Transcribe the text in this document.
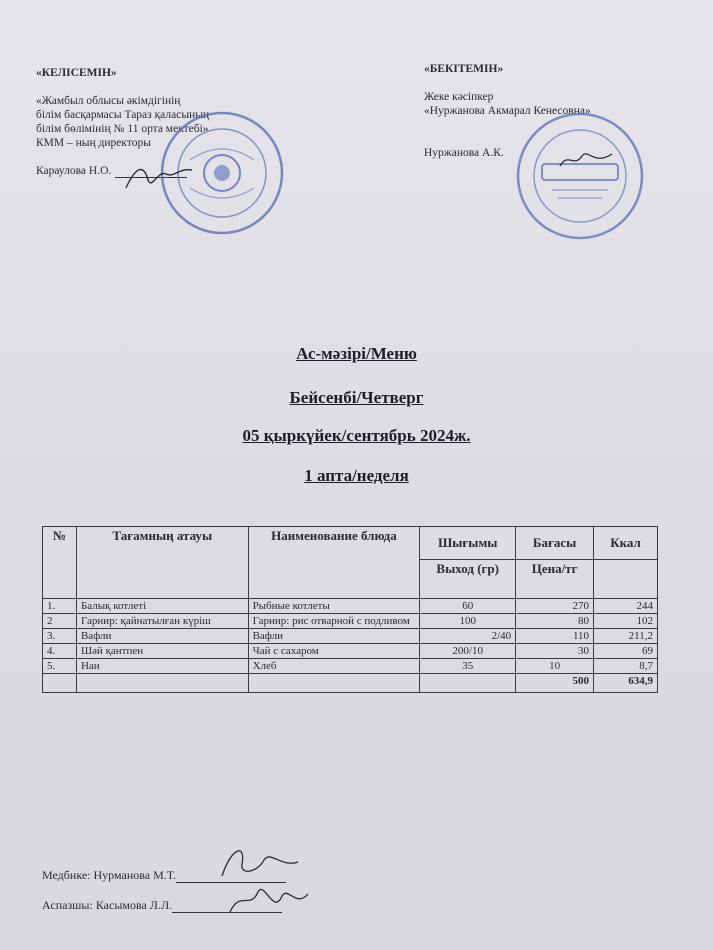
«КЕЛІСЕМІН»
«Жамбыл облысы әкімдігінің
білім басқармасы Тараз қаласының
білім бөлімінің № 11 орта мектебі»
КММ – ның директоры
Караулова Н.О.
«БЕКІТЕМІН»
Жеке кәсіпкер
«Нуржанова Акмарал Кенесовна»
Нуржанова А.К.
Ас-мәзірі/Меню
Бейсенбі/Четверг
05 қыркүйек/сентябрь 2024ж.
1 апта/неделя
№	Тағамның атауы	Наименование блюда	Шығымы	Бағасы	Ккал
			Выход (гр)	Цена/тг	
1.	Балық котлеті	Рыбные котлеты	60	270	244
2	Гарнир: қайнатылған күріш	Гарнир: рис отварной с подливом	100	80	102
3.	Вафли	Вафли	2/40	110	211,2
4.	Шәй қантпен	Чай с сахаром	200/10	30	69
5.	Нан	Хлеб	35	10	8,7
				500	634,9
Медбике: Нурманова М.Т.
Аспазшы: Касымова Л.Л.
